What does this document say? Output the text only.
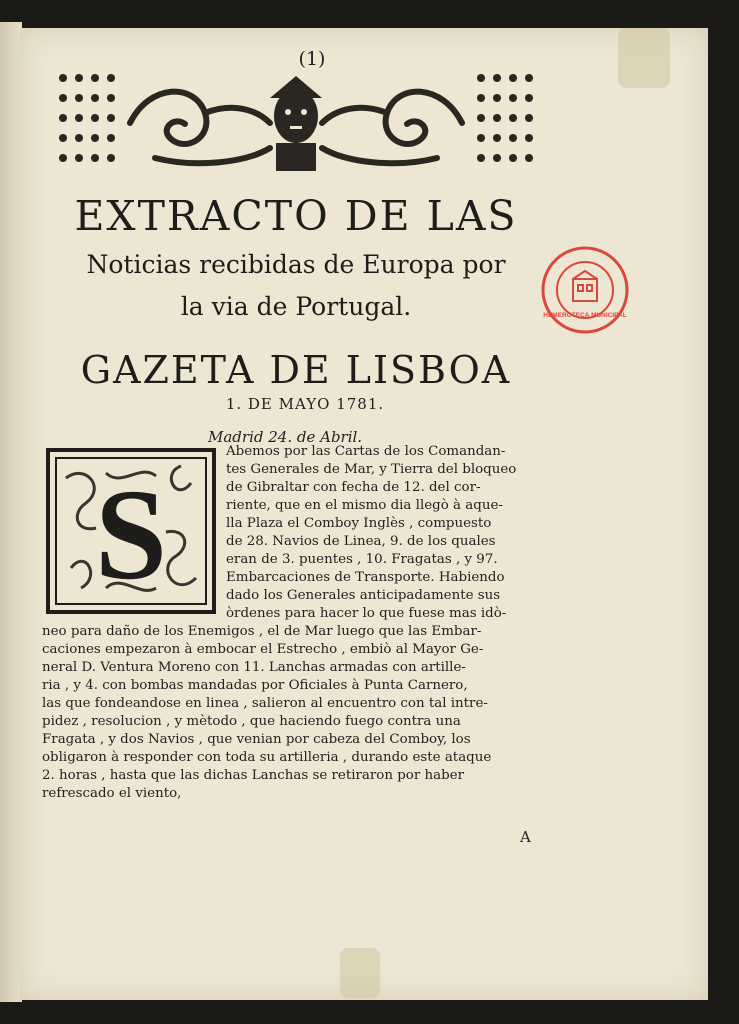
(1)
EXTRACTO DE LAS
Noticias recibidas de Europa por
la via de Portugal.
GAZETA DE LISBOA
1. DE MAYO 1781.
Madrid 24. de Abril.
S
Abemos por las Cartas de los Comandan-
tes Generales de Mar, y Tierra del bloqueo
de Gibraltar con fecha de 12. del cor-
riente, que en el mismo dia llegò à aque-
lla Plaza el Comboy Inglès , compuesto
de 28. Navios de Linea, 9. de los quales
eran de 3. puentes , 10. Fragatas , y 97.
Embarcaciones de Transporte. Habiendo
dado los Generales anticipadamente sus
òrdenes para hacer lo que fuese mas idò-
neo para daño de los Enemigos , el de Mar luego que las Embar-
caciones empezaron à embocar el Estrecho , embiò al Mayor Ge-
neral D. Ventura Moreno con 11. Lanchas armadas con artille-
ria , y 4. con bombas mandadas por Oficiales à Punta Carnero,
las que fondeandose en linea , salieron al encuentro con tal intre-
pidez , resolucion , y mètodo , que haciendo fuego contra una
Fragata , y dos Navios , que venian por cabeza del Comboy, los
obligaron à responder con toda su artilleria , durando este ataque
2. horas , hasta que las dichas Lanchas se retiraron por haber
refrescado el viento,
A
HEMEROTECA MUNICIPAL
